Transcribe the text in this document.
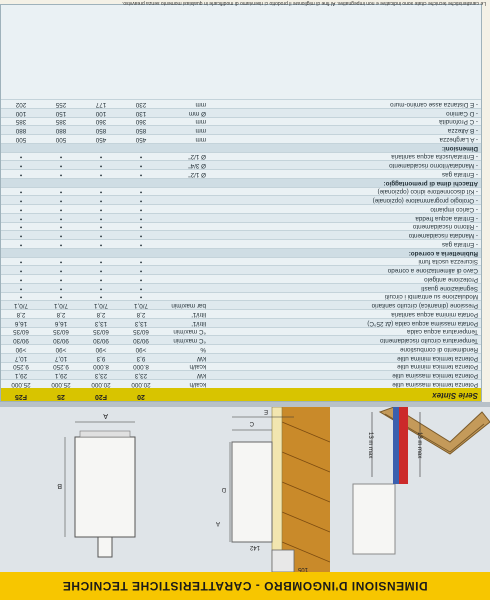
DIMENSIONI D'INGOMBRO - CARATTERISTICHE TECNICHE
13 m max
13 m max
142
C
D
105
A
E
B
A
Serie Sintex
20
F20
25
F25
Potenza termica massima utile
kcal/h
20.000
20.000
25.000
25.000
Potenza termica massima utile
kW
23,3
23,3
29,1
29,1
Potenza termica minima utile
kcal/h
8.000
8.000
9.250
9.250
Potenza termica minima utile
kW
9,3
9,3
10,7
10,7
Rendimento di combustione
%
>90
>90
>90
>90
Temperatura circuito riscaldamento
°C max/min
90/30
90/30
90/30
90/30
Temperatura acqua calda
°C max/min
60/35
60/35
60/35
60/35
Portata massima acqua calda (Δt 25°C)
litri/1'
13,3
13,3
16,6
16,6
Portata minima acqua sanitaria
litri/1'
2,8
2,8
2,8
2,8
Pressione (dinamica) circuito sanitario
bar max/min
7/0,1
7/0,1
7/0,1
7/0,1
Modulazione su entrambi i circuiti
•
•
•
•
Segnalazione guasti
•
•
•
•
Protezione antigelo
•
•
•
•
Cavo di alimentazione a corredo
•
•
•
•
Sicurezza uscita fumi
•
•
•
•
Rubinetteria a corredo:
- Entrata gas
•
•
•
•
- Mandata riscaldamento
•
•
•
•
- Ritorno riscaldamento
•
•
•
•
- Entrata acqua fredda
•
•
•
•
- Carico impianto
•
•
•
•
- Orologio programmatore (opzionale)
•
•
•
•
- Kit disconnettore idrico (opzionale)
•
•
•
•
Attacchi dima di premontaggio:
- Entrata gas
Ø 1/2"
•
•
•
•
- Mandata/ritorno riscaldamento
Ø 3/4"
•
•
•
•
- Entrata/uscita acqua sanitaria
Ø 1/2"
•
•
•
•
Dimensioni:
- A Larghezza
mm
450
450
500
500
- B Altezza
mm
850
850
880
880
- C Profondità
mm
360
360
385
385
- D Camino
Ø mm
130
100
150
100
- E Distanza asse camino-muro
mm
230
177
255
202
Le caratteristiche tecniche citate sono indicative e non impegnative. Al fine di migliorare il prodotto ci riserviamo di modificarle in qualsiasi momento senza preavviso.
